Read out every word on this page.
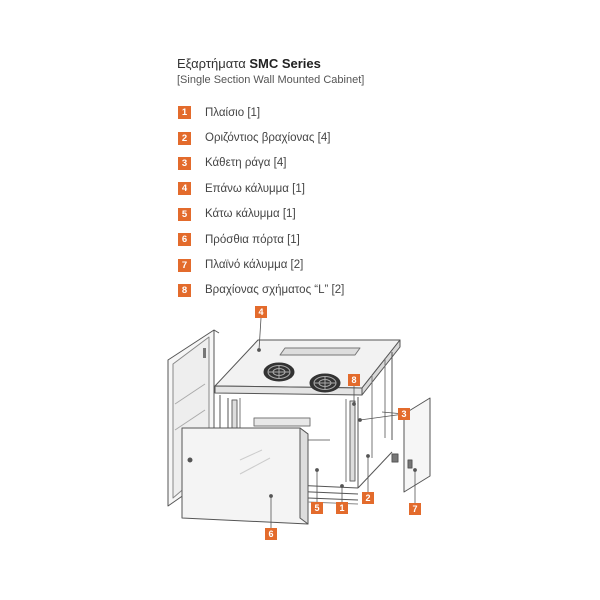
Εξαρτήματα SMC Series
[Single Section Wall Mounted Cabinet]
1	Πλαίσιο [1]
2	Οριζόντιος βραχίονας [4]
3	Κάθετη ράγα [4]
4	Επάνω κάλυμμα [1]
5	Κάτω κάλυμμα [1]
6	Πρόσθια πόρτα [1]
7	Πλαϊνό κάλυμμα [2]
8	Βραχίονας σχήματος “L” [2]
4
8
3
2
5 1
6
7
